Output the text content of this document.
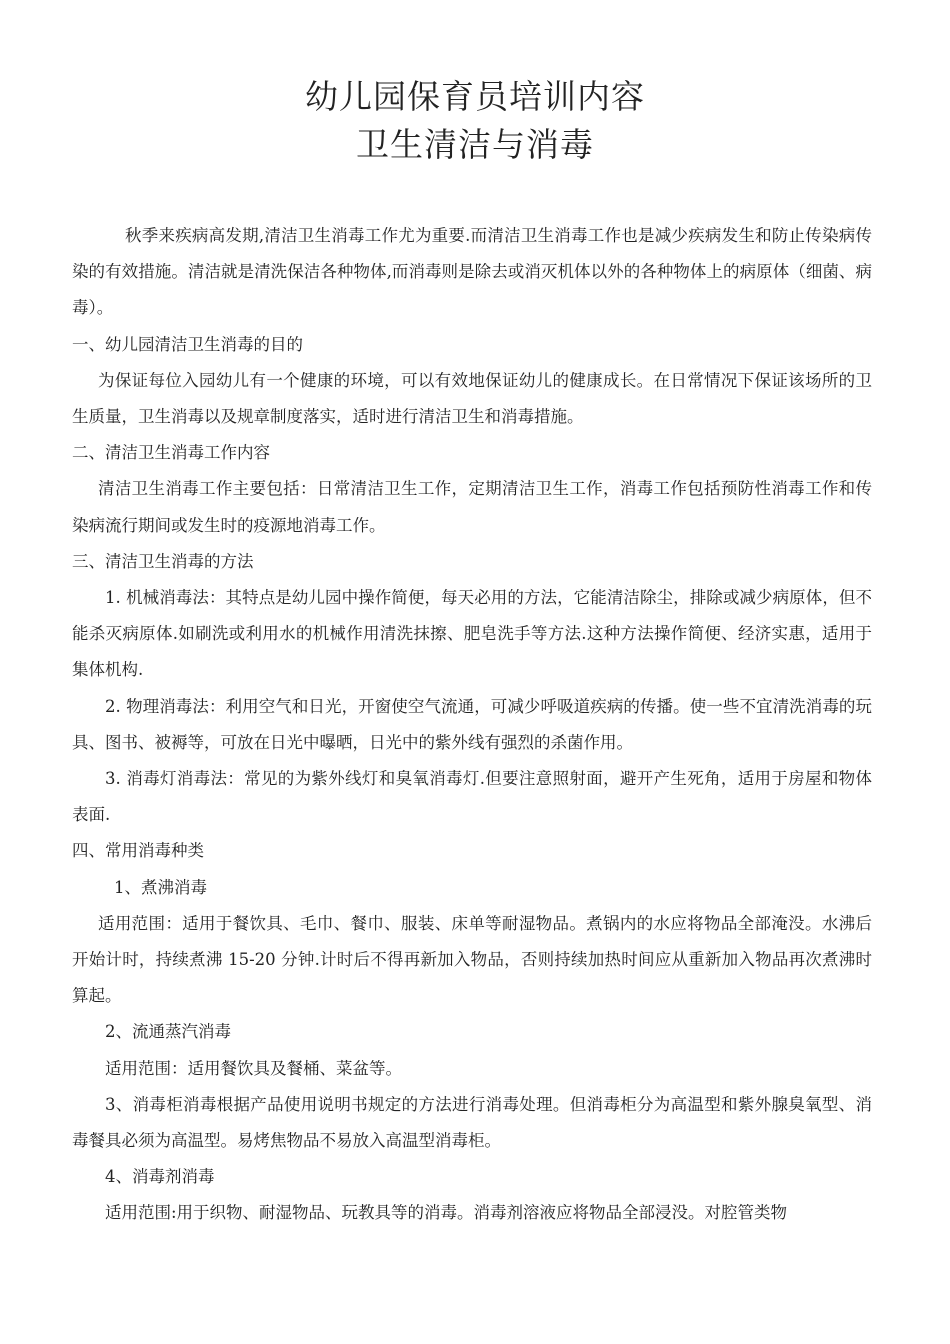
幼儿园保育员培训内容
卫生清洁与消毒

秋季来疾病高发期,清洁卫生消毒工作尤为重要.而清洁卫生消毒工作也是减少疾病发生和防止传染病传染的有效措施。清洁就是清洗保洁各种物体,而消毒则是除去或消灭机体以外的各种物体上的病原体（细菌、病毒）。

一、幼儿园清洁卫生消毒的目的

为保证每位入园幼儿有一个健康的环境，可以有效地保证幼儿的健康成长。在日常情况下保证该场所的卫生质量，卫生消毒以及规章制度落实，适时进行清洁卫生和消毒措施。

二、清洁卫生消毒工作内容

清洁卫生消毒工作主要包括：日常清洁卫生工作，定期清洁卫生工作，消毒工作包括预防性消毒工作和传染病流行期间或发生时的疫源地消毒工作。

三、清洁卫生消毒的方法

1. 机械消毒法：其特点是幼儿园中操作简便，每天必用的方法，它能清洁除尘，排除或减少病原体，但不能杀灭病原体.如刷洗或利用水的机械作用清洗抹擦、肥皂洗手等方法.这种方法操作简便、经济实惠，适用于集体机构.

2. 物理消毒法：利用空气和日光，开窗使空气流通，可减少呼吸道疾病的传播。使一些不宜清洗消毒的玩具、图书、被褥等，可放在日光中曝晒，日光中的紫外线有强烈的杀菌作用。

3. 消毒灯消毒法：常见的为紫外线灯和臭氧消毒灯.但要注意照射面，避开产生死角，适用于房屋和物体表面.

四、常用消毒种类

1、煮沸消毒

适用范围：适用于餐饮具、毛巾、餐巾、服装、床单等耐湿物品。煮锅内的水应将物品全部淹没。水沸后开始计时，持续煮沸 15-20 分钟.计时后不得再新加入物品，否则持续加热时间应从重新加入物品再次煮沸时算起。

2、流通蒸汽消毒

适用范围：适用餐饮具及餐桶、菜盆等。

3、消毒柜消毒根据产品使用说明书规定的方法进行消毒处理。但消毒柜分为高温型和紫外腺臭氧型、消毒餐具必须为高温型。易烤焦物品不易放入高温型消毒柜。

4、消毒剂消毒

适用范围:用于织物、耐湿物品、玩教具等的消毒。消毒剂溶液应将物品全部浸没。对腔管类物
